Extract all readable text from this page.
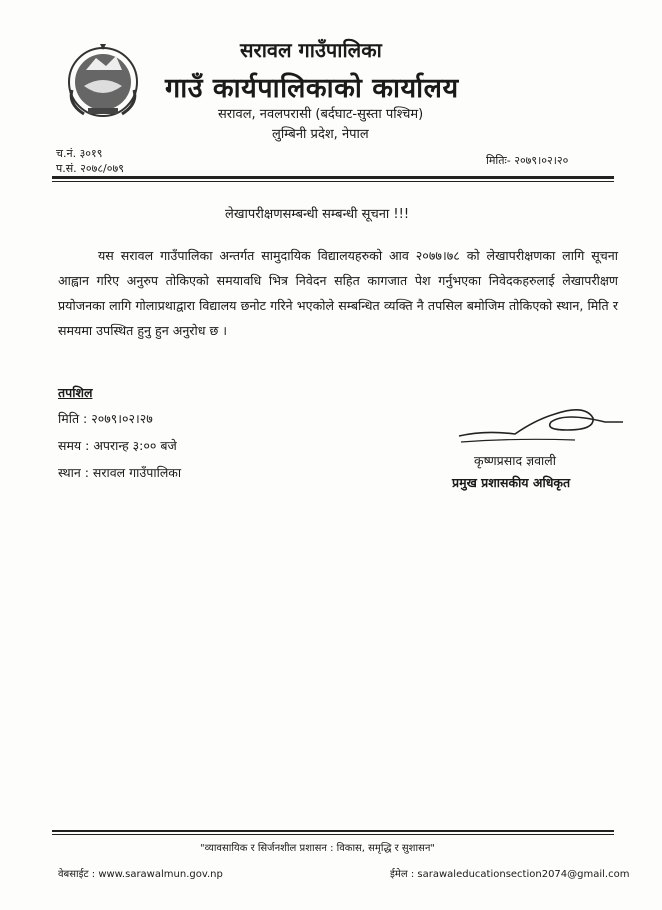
सरावल गाउँपालिका
गाउँ कार्यपालिकाको कार्यालय
सरावल, नवलपरासी (बर्दघाट-सुस्ता पश्चिम)
लुम्बिनी प्रदेश, नेपाल
च.नं. ३०१९
प.सं. २०७८/०७९
मितिः- २०७९।०२।२०
लेखापरीक्षणसम्बन्धी सम्बन्धी सूचना !!!
यस सरावल गाउँपालिका अन्तर्गत सामुदायिक विद्यालयहरुको आव २०७७।७८ को लेखापरीक्षणका लागि सूचना आह्वान गरिए अनुरुप तोकिएको समयावधि भित्र निवेदन सहित कागजात पेश गर्नुभएका निवेदकहरुलाई लेखापरीक्षण प्रयोजनका लागि गोलाप्रथाद्वारा विद्यालय छनोट गरिने भएकोले सम्बन्धित व्यक्ति नै तपसिल बमोजिम तोकिएको स्थान, मिति र समयमा उपस्थित हुनु हुन अनुरोध छ ।
तपशिल
मिति : २०७९।०२।२७
समय : अपरान्ह ३:०० बजे
स्थान : सरावल गाउँपालिका
कृष्णप्रसाद ज्ञवाली
प्रमुख प्रशासकीय अधिकृत
"व्यावसायिक र सिर्जनशील प्रशासन : विकास, समृद्धि र सुशासन"
वेबसाईट : www.sarawalmun.gov.np	ईमेल : sarawaleducationsection2074@gmail.com
